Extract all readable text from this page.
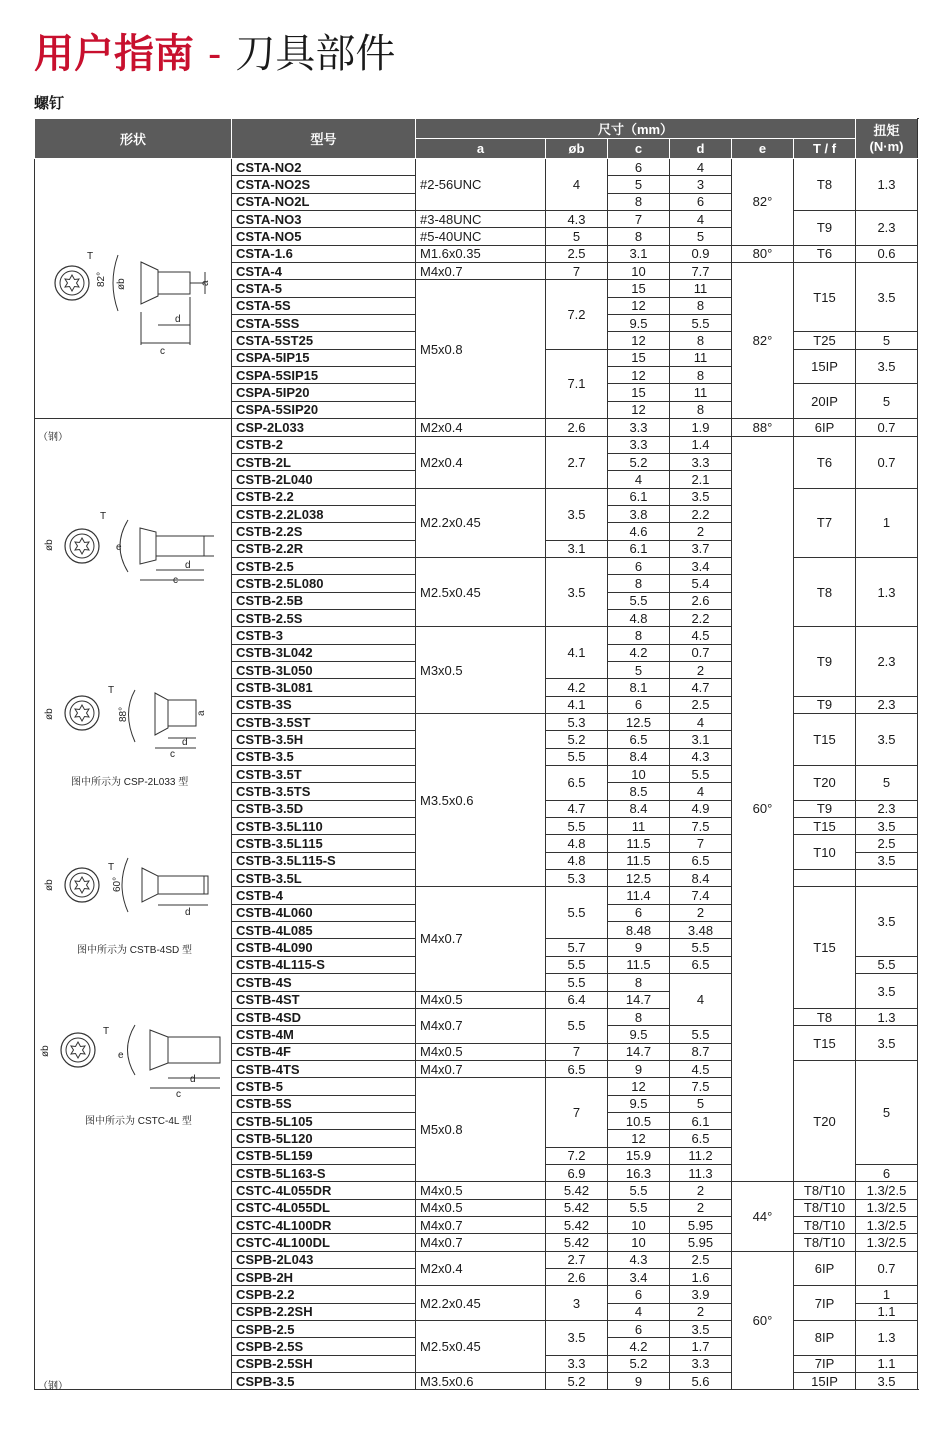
用户指南 - 刀具部件
螺钉
形状	型号	尺寸（mm）						扭矩
(N·m)	
		a	øb	c	d	e	T / f		
	CSTA-NO2	#2-56UNC	4	6	4	82°	T8	1.3	
	CSTA-NO2S			5	3				
	CSTA-NO2L			8	6				
	CSTA-NO3	#3-48UNC	4.3	7	4		T9	2.3	
	CSTA-NO5	#5-40UNC	5	8	5				
	CSTA-1.6	M1.6x0.35	2.5	3.1	0.9	80°	T6	0.6	
	CSTA-4	M4x0.7	7	10	7.7	82°	T15	3.5	
	CSTA-5	M5x0.8	7.2	15	11				
	CSTA-5S			12	8				
	CSTA-5SS			9.5	5.5				
	CSTA-5ST25			12	8		T25	5	
	CSPA-5IP15		7.1	15	11		15IP	3.5	
	CSPA-5SIP15			12	8				
	CSPA-5IP20			15	11		20IP	5	
	CSPA-5SIP20			12	8				
	CSP-2L033	M2x0.4	2.6	3.3	1.9	88°	6IP	0.7	
	CSTB-2	M2x0.4	2.7	3.3	1.4	60°	T6	0.7	
	CSTB-2L			5.2	3.3				
	CSTB-2L040			4	2.1				
	CSTB-2.2	M2.2x0.45	3.5	6.1	3.5		T7	1	
	CSTB-2.2L038			3.8	2.2				
	CSTB-2.2S			4.6	2				
	CSTB-2.2R		3.1	6.1	3.7				
	CSTB-2.5	M2.5x0.45	3.5	6	3.4		T8	1.3	
	CSTB-2.5L080			8	5.4				
	CSTB-2.5B			5.5	2.6				
	CSTB-2.5S			4.8	2.2				
	CSTB-3	M3x0.5	4.1	8	4.5		T9	2.3	
	CSTB-3L042			4.2	0.7				
	CSTB-3L050			5	2				
	CSTB-3L081		4.2	8.1	4.7		
	CSTB-3S		4.1	6	2.5		T9	2.3	
	CSTB-3.5ST	M3.5x0.6	5.3	12.5	4		T15	3.5	
	CSTB-3.5H		5.2	6.5	3.1				
	CSTB-3.5		5.5	8.4	4.3				
	CSTB-3.5T		6.5	10	5.5		T20	5	
	CSTB-3.5TS			8.5	4				
	CSTB-3.5D		4.7	8.4	4.9		T9	2.3	
	CSTB-3.5L110		5.5	11	7.5		T15	3.5	
	CSTB-3.5L115		4.8	11.5	7		T10	2.5	
	CSTB-3.5L115-S		4.8	11.5	6.5			3.5	
	CSTB-3.5L		5.3	12.5	8.4				
	CSTB-4	M4x0.7	5.5	11.4	7.4		T15	3.5	
	CSTB-4L060			6	2				
	CSTB-4L085			8.48	3.48				
	CSTB-4L090		5.7	9	5.5				
	CSTB-4L115-S		5.5	11.5	6.5			5.5	
	CSTB-4S		5.5	8	4			3.5	
	CSTB-4ST	M4x0.5	6.4	14.7					
	CSTB-4SD	M4x0.7	5.5	8			T8	1.3	
	CSTB-4M			9.5	5.5		T15	3.5	
	CSTB-4F	M4x0.5	7	14.7	8.7				
	CSTB-4TS	M4x0.7	6.5	9	4.5		T20	5	
	CSTB-5	M5x0.8	7	12	7.5				
	CSTB-5S			9.5	5				
	CSTB-5L105			10.5	6.1				
	CSTB-5L120			12	6.5				
	CSTB-5L159		7.2	15.9	11.2				
	CSTB-5L163-S		6.9	16.3	11.3			6	
	CSTC-4L055DR	M4x0.5	5.42	5.5	2	44°	T8/T10	1.3/2.5	
	CSTC-4L055DL	M4x0.5	5.42	5.5	2		T8/T10	1.3/2.5	
	CSTC-4L100DR	M4x0.7	5.42	10	5.95		T8/T10	1.3/2.5	
	CSTC-4L100DL	M4x0.7	5.42	10	5.95		T8/T10	1.3/2.5	
	CSPB-2L043	M2x0.4	2.7	4.3	2.5	60°	6IP	0.7	
	CSPB-2H		2.6	3.4	1.6				
	CSPB-2.2	M2.2x0.45	3	6	3.9		7IP	1	
	CSPB-2.2SH			4	2			1.1	
	CSPB-2.5	M2.5x0.45	3.5	6	3.5		8IP	1.3	
	CSPB-2.5S			4.2	1.7				
	CSPB-2.5SH		3.3	5.2	3.3		7IP	1.1	
	CSPB-3.5	M3.5x0.6	5.2	9	5.6		15IP	3.5	
T
82° øb	a
d
c
T
øb	e
d
c
T
øb	88°	a
d
c
T
øb	60°
d
T
øb	e
d
c
（钢）
图中所示为 CSP-2L033 型
图中所示为 CSTB-4SD 型
图中所示为 CSTC-4L 型
（钢）
